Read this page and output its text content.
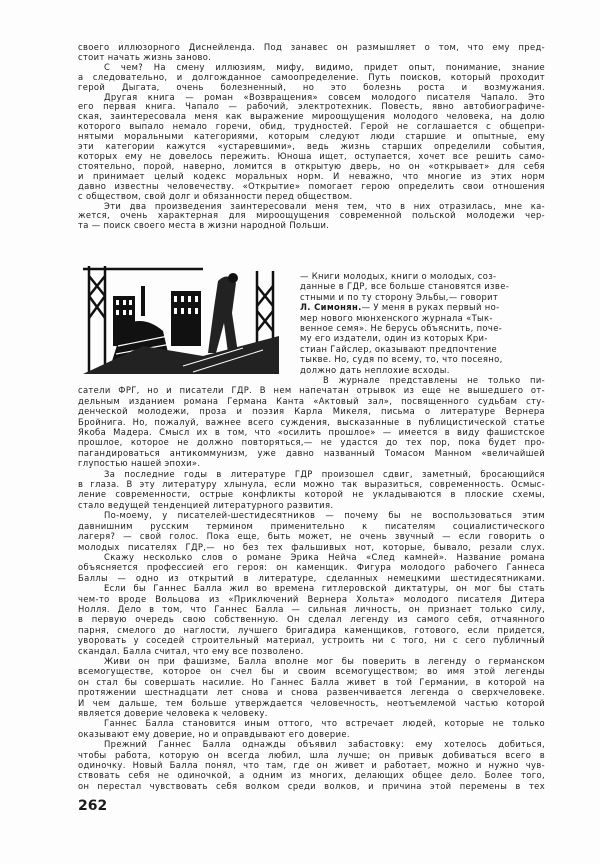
своего иллюзорного Диснейленда. Под занавес он размышляет о том, что ему пред-
стоит начать жизнь заново.
С чем? На смену иллюзиям, мифу, видимо, придет опыт, понимание, знание
а следовательно, и долгожданное самоопределение. Путь поисков, который проходит
герой Дыгата, очень болезненный, но это болезнь роста и возмужания.
Другая книга — роман «Возвращения» совсем молодого писателя Чапало. Это
его первая книга. Чапало — рабочий, электротехник. Повесть, явно автобиографиче-
ская, заинтересовала меня как выражение мироощущения молодого человека, на долю
которого выпало немало горечи, обид, трудностей. Герой не соглашается с общепри-
нятыми моральными категориями, которым следуют люди старшие и опытные, ему
эти категории кажутся «устаревшими», ведь жизнь старших определили события,
которых ему не довелось пережить. Юноша ищет, оступается, хочет все решить само-
стоятельно, порой, наверно, ломится в открытую дверь, но он «открывает» для себя
и принимает целый кодекс моральных норм. И неважно, что многие из этих норм
давно известны человечеству. «Открытие» помогает герою определить свои отношения
с обществом, свой долг и обязанности перед обществом.
Эти два произведения заинтересовали меня тем, что в них отразилась, мне ка-
жется, очень характерная для мироощущения современной польской молодежи чер-
та — поиск своего места в жизни народной Польши.
— Книги молодых, книги о молодых, соз-
данные в ГДР, все больше становятся изве-
стными и по ту сторону Эльбы,— говорит
Л. Симонян.— У меня в руках первый но-
мер нового мюнхенского журнала «Тык-
венное семя». Не берусь объяснить, поче-
му его издатели, один из которых Кри-
стиан Гайслер, оказывают предпочтение
тыкве. Но, судя по всему, то, что посеяно,
должно дать неплохие всходы.
В журнале представлены не только пи-
сатели ФРГ, но и писатели ГДР. В нем напечатан отрывок из еще не вышедшего от-
дельным изданием романа Германа Канта «Актовый зал», посвященного судьбам сту-
денческой молодежи, проза и поэзия Карла Микеля, письма о литературе Вернера
Бройнига. Но, пожалуй, важнее всего суждения, высказанные в публицистической статье
Якоба Мадера. Смысл их в том, что «осилить прошлое» — имеется в виду фашистское
прошлое, которое не должно повторяться,— не удастся до тех пор, пока будет про-
пагандироваться антикоммунизм, уже давно названный Томасом Манном «величайшей
глупостью нашей эпохи».
За последние годы в литературе ГДР произошел сдвиг, заметный, бросающийся
в глаза. В эту литературу хлынула, если можно так выразиться, современность. Осмыс-
ление современности, острые конфликты которой не укладываются в плоские схемы,
стало ведущей тенденцией литературного развития.
По-моему, у писателей-шестидесятников — почему бы не воспользоваться этим
давнишним русским термином применительно к писателям социалистического
лагеря? — свой голос. Пока еще, быть может, не очень звучный — если говорить о
молодых писателях ГДР,— но без тех фальшивых нот, которые, бывало, резали слух.
Скажу несколько слов о романе Эрика Нейча «След камней». Название романа
объясняется профессией его героя: он каменщик. Фигура молодого рабочего Ганнеса
Баллы — одно из открытий в литературе, сделанных немецкими шестидесятниками.
Если бы Ганнес Балла жил во времена гитлеровской диктатуры, он мог бы стать
чем-то вроде Вольцова из «Приключений Вернера Хольта» молодого писателя Дитера
Нолля. Дело в том, что Ганнес Балла — сильная личность, он признает только силу,
в первую очередь свою собственную. Он сделал легенду из самого себя, отчаянного
парня, смелого до наглости, лучшего бригадира каменщиков, готового, если придется,
уворовать у соседей строительный материал, устроить ни с того, ни с сего публичный
скандал. Балла считал, что ему все позволено.
Живи он при фашизме, Балла вполне мог бы поверить в легенду о германском
всемогуществе, которое он счел бы и своим всемогуществом; во имя этой легенды
он стал бы совершать насилие. Но Ганнес Балла живет в той Германии, в которой на
протяжении шестнадцати лет снова и снова развенчивается легенда о сверхчеловеке.
И чем дальше, тем больше утверждается человечность, неотъемлемой частью которой
является доверие человека к человеку.
Ганнес Балла становится иным оттого, что встречает людей, которые не только
оказывают ему доверие, но и оправдывают его доверие.
Прежний Ганнес Балла однажды объявил забастовку: ему хотелось добиться,
чтобы работа, которую он всегда любил, шла лучше; он привык добиваться всего в
одиночку. Новый Балла понял, что там, где он живет и работает, можно и нужно чув-
ствовать себя не одиночкой, а одним из многих, делающих общее дело. Более того,
он перестал чувствовать себя волком среди волков, и причина этой перемены в тех
262
